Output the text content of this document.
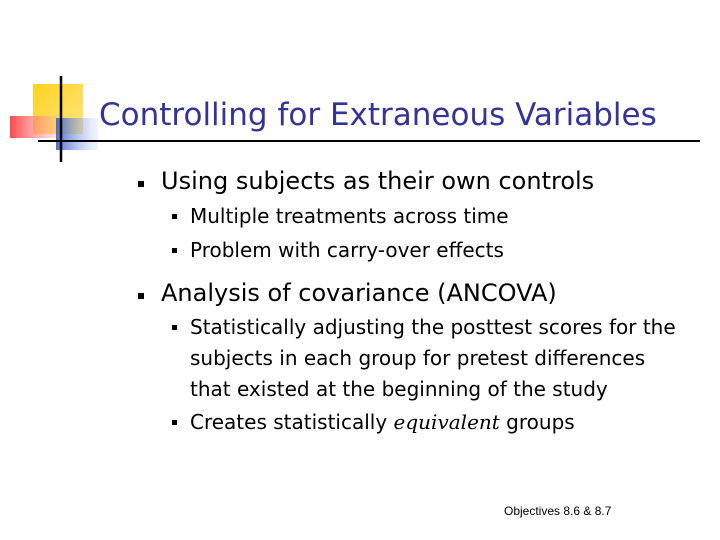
Controlling for Extraneous Variables
Using subjects as their own controls
Multiple treatments across time
Problem with carry-over effects
Analysis of covariance (ANCOVA)
Statistically adjusting the posttest scores for the
subjects in each group for pretest differences
that existed at the beginning of the study
Creates statistically equivalent groups
Objectives 8.6 & 8.7
